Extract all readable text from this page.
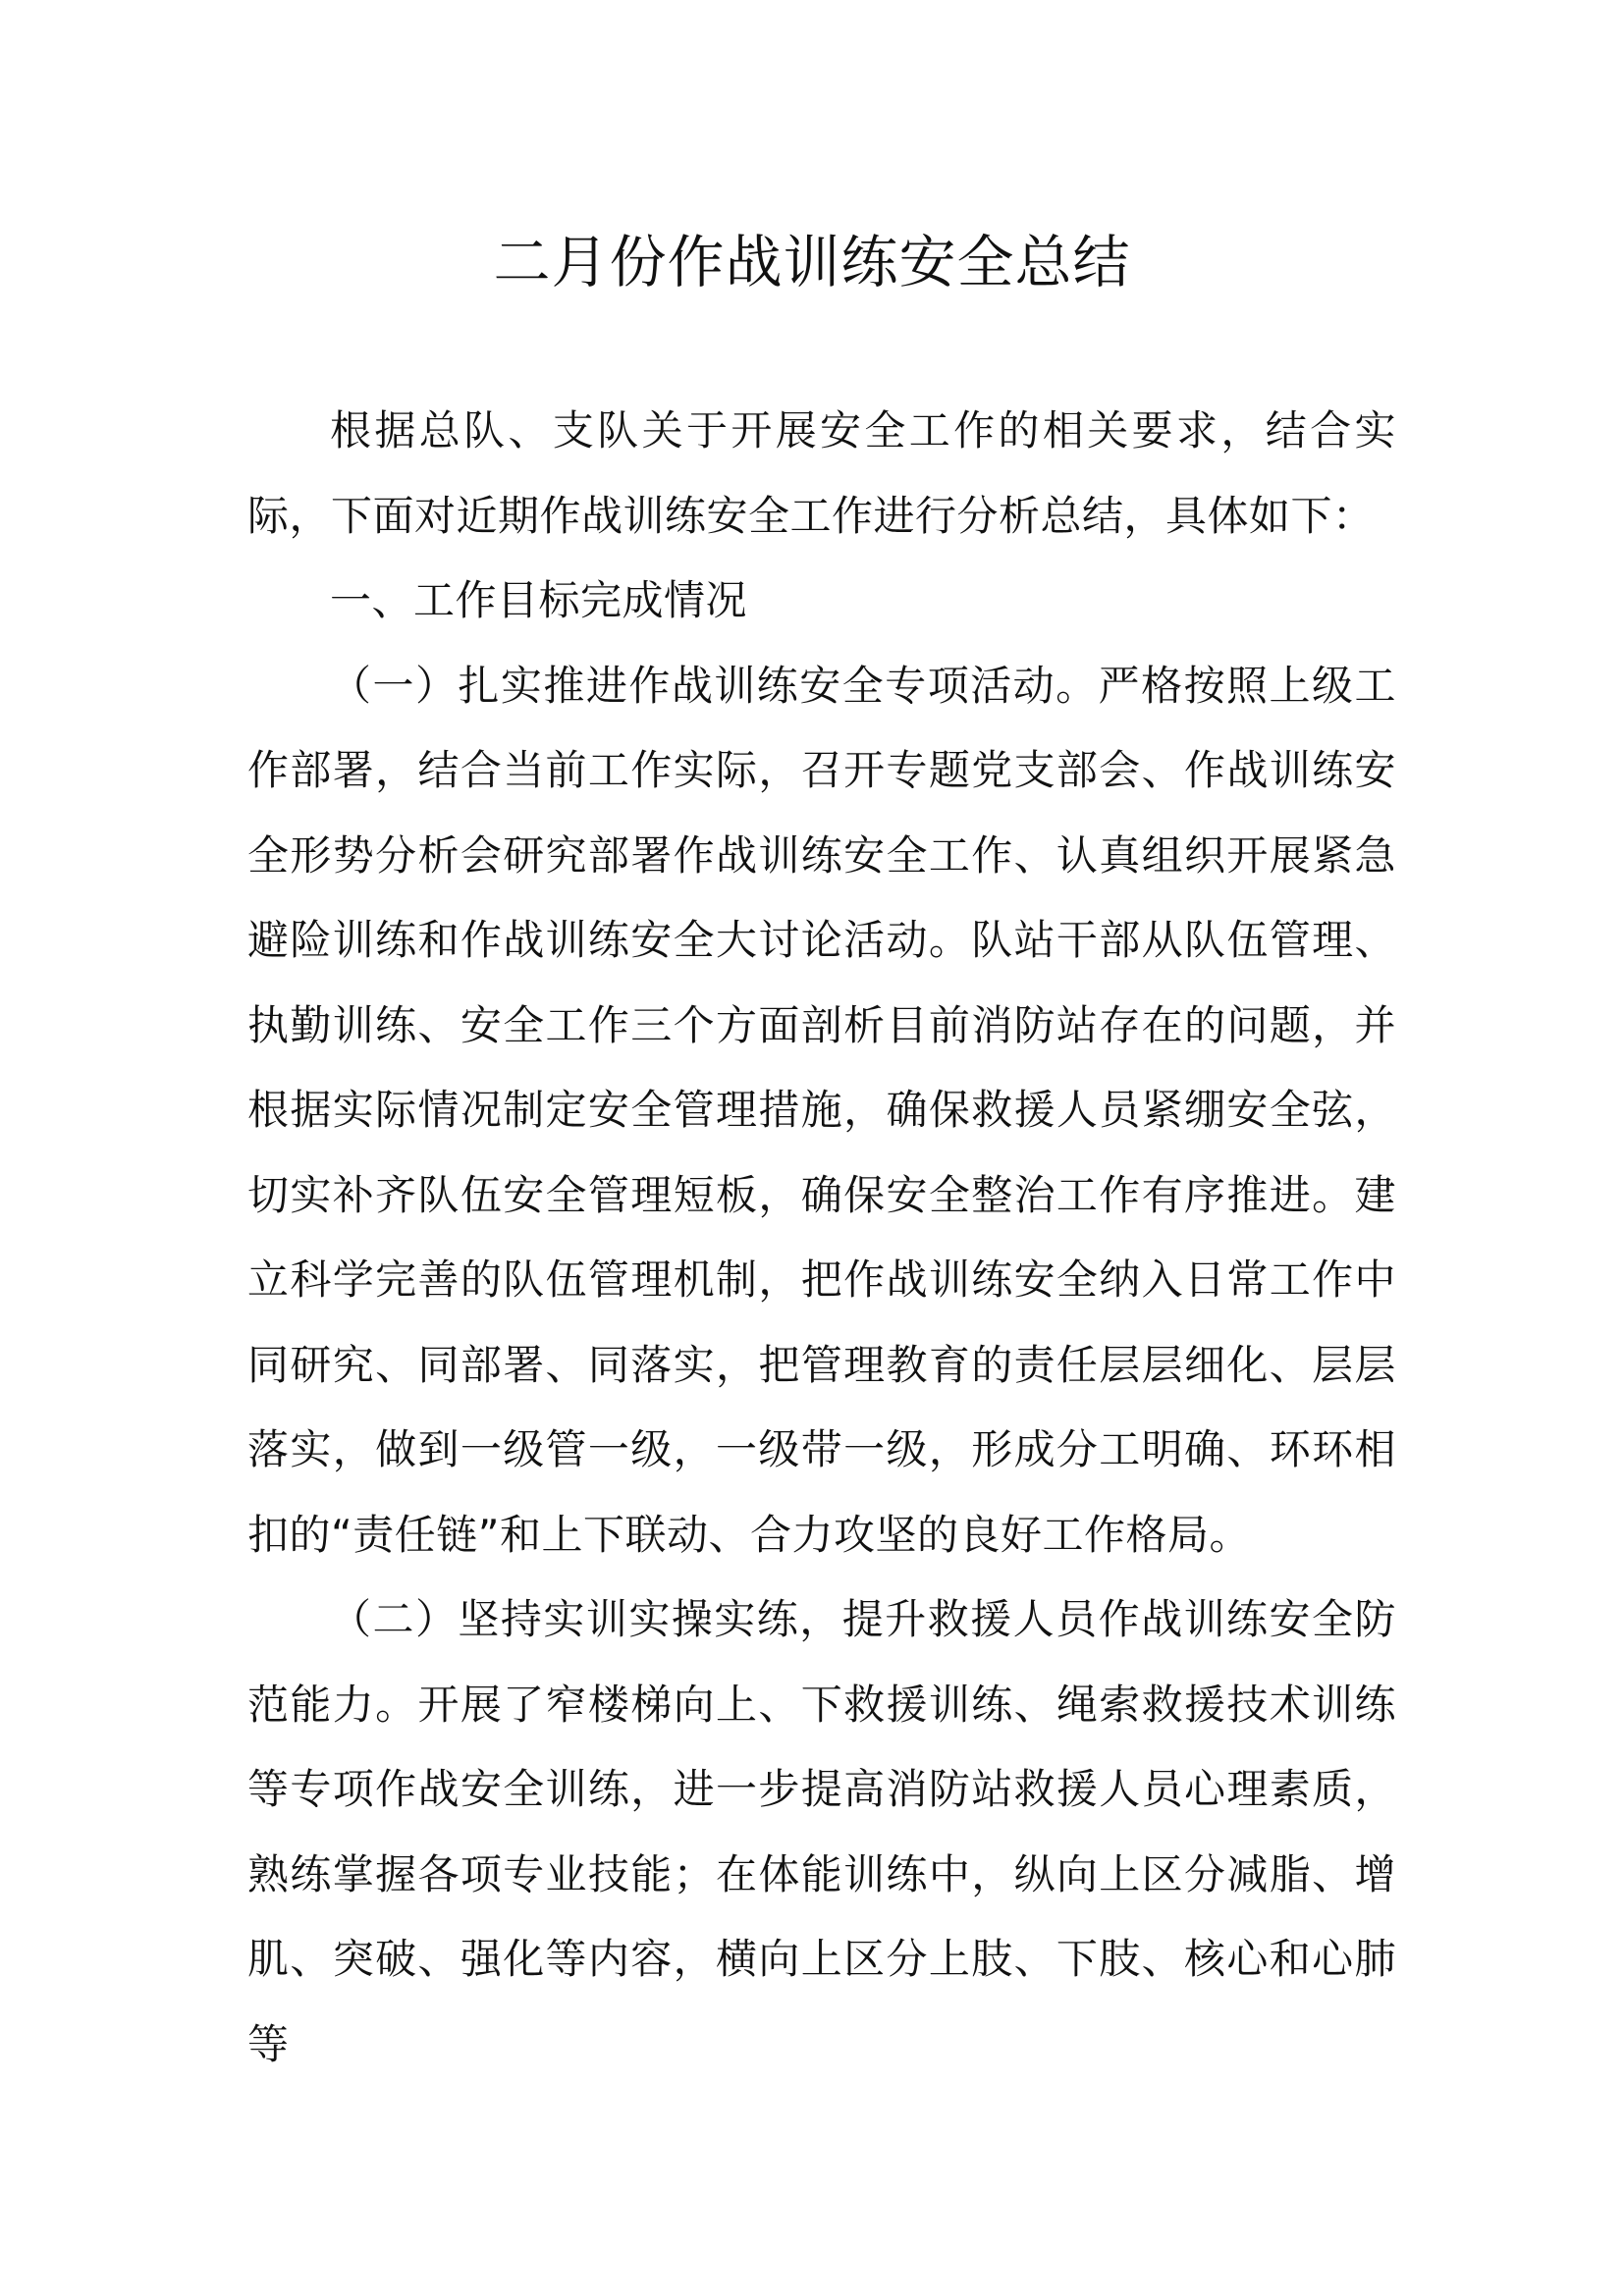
二月份作战训练安全总结

根据总队、支队关于开展安全工作的相关要求，结合实际，下面对近期作战训练安全工作进行分析总结，具体如下：

一、工作目标完成情况

（一）扎实推进作战训练安全专项活动。严格按照上级工作部署，结合当前工作实际，召开专题党支部会、作战训练安全形势分析会研究部署作战训练安全工作、认真组织开展紧急避险训练和作战训练安全大讨论活动。队站干部从队伍管理、执勤训练、安全工作三个方面剖析目前消防站存在的问题，并根据实际情况制定安全管理措施，确保救援人员紧绷安全弦，切实补齐队伍安全管理短板，确保安全整治工作有序推进。建立科学完善的队伍管理机制，把作战训练安全纳入日常工作中同研究、同部署、同落实，把管理教育的责任层层细化、层层落实，做到一级管一级，一级带一级，形成分工明确、环环相扣的“责任链”和上下联动、合力攻坚的良好工作格局。

（二）坚持实训实操实练，提升救援人员作战训练安全防范能力。开展了窄楼梯向上、下救援训练、绳索救援技术训练等专项作战安全训练，进一步提高消防站救援人员心理素质，熟练掌握各项专业技能；在体能训练中，纵向上区分减脂、增肌、突破、强化等内容，横向上区分上肢、下肢、核心和心肺等
